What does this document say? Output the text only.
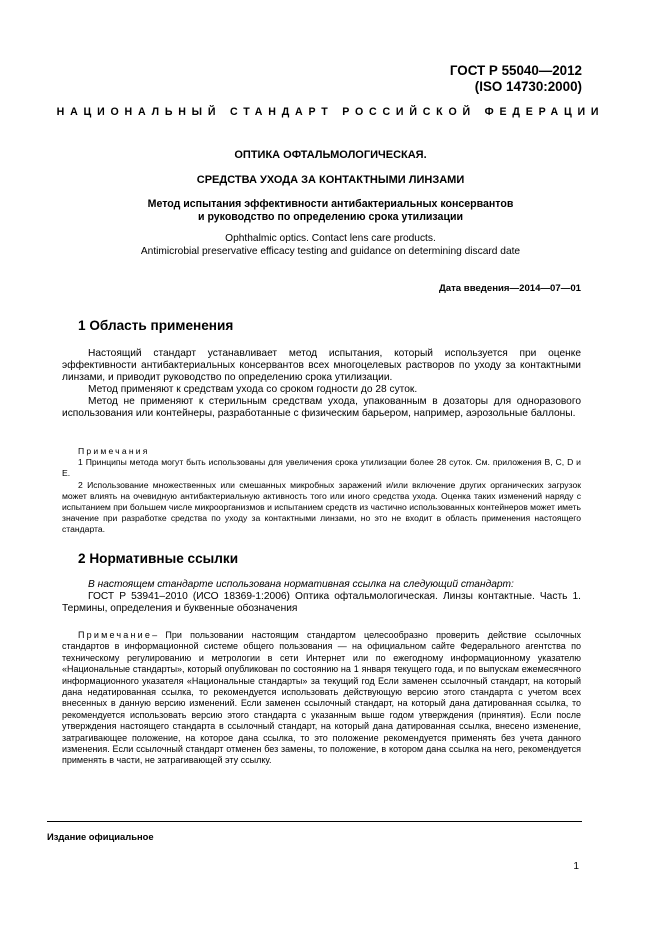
ГОСТ Р 55040—2012
(ISO 14730:2000)
НАЦИОНАЛЬНЫЙ СТАНДАРТ РОССИЙСКОЙ ФЕДЕРАЦИИ
ОПТИКА ОФТАЛЬМОЛОГИЧЕСКАЯ.
СРЕДСТВА УХОДА ЗА КОНТАКТНЫМИ ЛИНЗАМИ
Метод испытания эффективности антибактериальных консервантов
и руководство по определению срока утилизации
Ophthalmic optics. Contact lens care products.
Antimicrobial preservative efficacy testing and guidance on determining discard date
Дата введения—2014—07—01
1 Область применения

Настоящий стандарт устанавливает метод испытания, который используется при оценке эффективности антибактериальных консервантов всех многоцелевых растворов по уходу за контактными линзами, и приводит руководство по определению срока утилизации.

Метод применяют к средствам ухода со сроком годности до 28 суток.

Метод не применяют к стерильным средствам ухода, упакованным в дозаторы для одноразового использования или контейнеры, разработанные с физическим барьером, например, аэрозольные баллоны.

Примечания

1 Принципы метода могут быть использованы для увеличения срока утилизации более 28 суток. См. приложения B, C, D и E.

2 Использование множественных или смешанных микробных заражений и/или включение других органических загрузок может влиять на очевидную антибактериальную активность того или иного средства ухода. Оценка таких изменений наряду с испытанием при большем числе микроорганизмов и испытанием средств из частично использованных контейнеров может иметь значение при разработке средства по уходу за контактными линзами, но это не входит в область применения настоящего стандарта.

2 Нормативные ссылки

В настоящем стандарте использована нормативная ссылка на следующий стандарт:

ГОСТ Р 53941–2010 (ИСО 18369-1:2006) Оптика офтальмологическая. Линзы контактные. Часть 1. Термины, определения и буквенные обозначения

Примечание– При пользовании настоящим стандартом целесообразно проверить действие ссылочных стандартов в информационной системе общего пользования — на официальном сайте Федерального агентства по техническому регулированию и метрологии в сети Интернет или по ежегодному информационному указателю «Национальные стандарты», который опубликован по состоянию на 1 января текущего года, и по выпускам ежемесячного информационного указателя «Национальные стандарты» за текущий год Если заменен ссылочный стандарт, на который дана недатированная ссылка, то рекомендуется использовать действующую версию этого стандарта с учетом всех внесенных в данную версию изменений. Если заменен ссылочный стандарт, на который дана датированная ссылка, то рекомендуется использовать версию этого стандарта с указанным выше годом утверждения (принятия). Если после утверждения настоящего стандарта в ссылочный стандарт, на который дана датированная ссылка, внесено изменение, затрагивающее положение, на которое дана ссылка, то это положение рекомендуется применять без учета данного изменения. Если ссылочный стандарт отменен без замены, то положение, в котором дана ссылка на него, рекомендуется применять в части, не затрагивающей эту ссылку.

Издание официальное
1
